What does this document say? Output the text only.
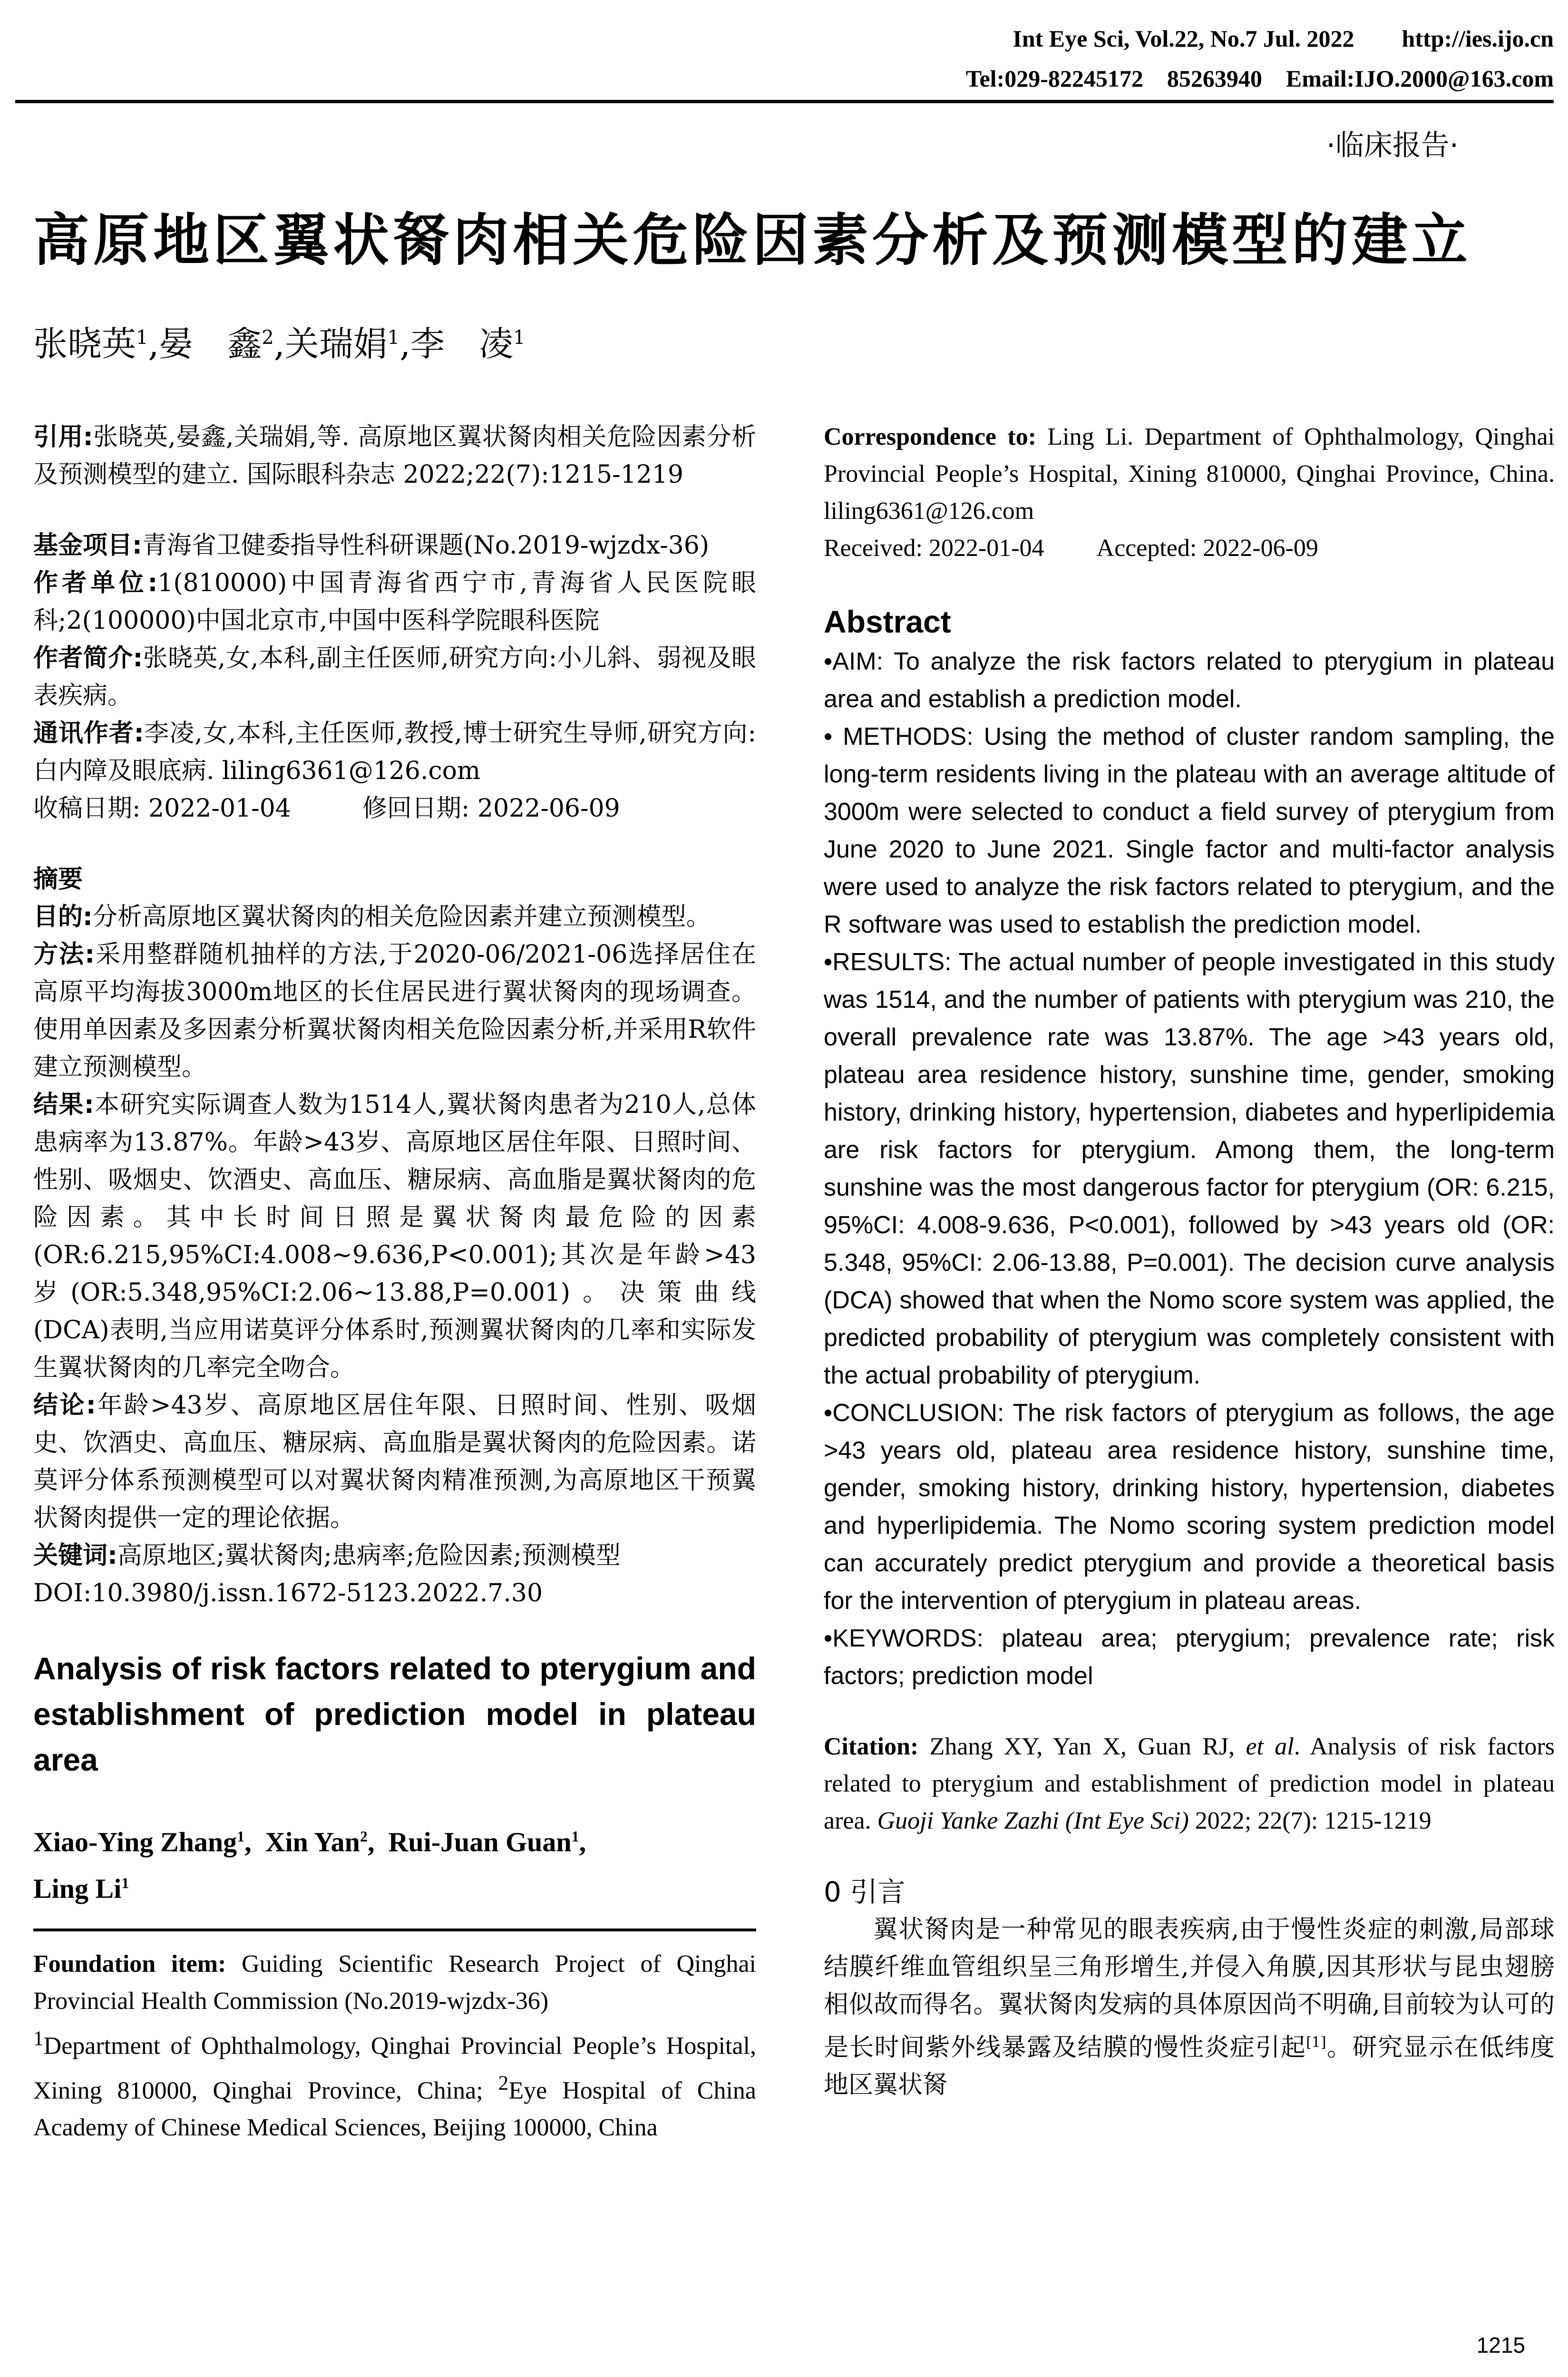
Int Eye Sci, Vol.22, No.7 Jul. 2022        http://ies.ijo.cn
Tel:029-82245172    85263940    Email:IJO.2000@163.com
·临床报告·
高原地区翼状胬肉相关危险因素分析及预测模型的建立
张晓英$^1$,晏　鑫$^2$,关瑞娟$^1$,李　凌$^1$

引用:张晓英,晏鑫,关瑞娟,等. 高原地区翼状胬肉相关危险因素分析及预测模型的建立. 国际眼科杂志 2022;22(7):1215-1219

基金项目:青海省卫健委指导性科研课题(No.2019-wjzdx-36)

作者单位:1(810000)中国青海省西宁市,青海省人民医院眼科;2(100000)中国北京市,中国中医科学院眼科医院

作者简介:张晓英,女,本科,副主任医师,研究方向:小儿斜、弱视及眼表疾病。

通讯作者:李凌,女,本科,主任医师,教授,博士研究生导师,研究方向:白内障及眼底病. liling6361@126.com

收稿日期: 2022-01-04	修回日期: 2022-06-09

摘要

目的:分析高原地区翼状胬肉的相关危险因素并建立预测模型。

方法:采用整群随机抽样的方法,于2020-06/2021-06选择居住在高原平均海拔3000m地区的长住居民进行翼状胬肉的现场调查。使用单因素及多因素分析翼状胬肉相关危险因素分析,并采用R软件建立预测模型。

结果:本研究实际调查人数为1514人,翼状胬肉患者为210人,总体患病率为13.87%。年龄>43岁、高原地区居住年限、日照时间、性别、吸烟史、饮酒史、高血压、糖尿病、高血脂是翼状胬肉的危险因素。其中长时间日照是翼状胬肉最危险的因素(OR:6.215,95%CI:4.008~9.636,P<0.001);其次是年龄>43岁(OR:5.348,95%CI:2.06~13.88,P=0.001)。决策曲线(DCA)表明,当应用诺莫评分体系时,预测翼状胬肉的几率和实际发生翼状胬肉的几率完全吻合。

结论:年龄>43岁、高原地区居住年限、日照时间、性别、吸烟史、饮酒史、高血压、糖尿病、高血脂是翼状胬肉的危险因素。诺莫评分体系预测模型可以对翼状胬肉精准预测,为高原地区干预翼状胬肉提供一定的理论依据。

关键词:高原地区;翼状胬肉;患病率;危险因素;预测模型

DOI:10.3980/j.issn.1672-5123.2022.7.30

Analysis of risk factors related to pterygium and establishment of prediction model in plateau area

Xiao-Ying Zhang$^1$,  Xin Yan$^2$,  Rui-Juan Guan$^1$,
Ling Li$^1$

Foundation item: Guiding Scientific Research Project of Qinghai Provincial Health Commission (No.2019-wjzdx-36)

$^1$Department of Ophthalmology, Qinghai Provincial People’s Hospital, Xining 810000, Qinghai Province, China; $^2$Eye Hospital of China Academy of Chinese Medical Sciences, Beijing 100000, China

Correspondence to: Ling Li. Department of Ophthalmology, Qinghai Provincial People’s Hospital, Xining 810000, Qinghai Province, China. liling6361@126.com

Received: 2022-01-04 Accepted: 2022-06-09

Abstract

•AIM: To analyze the risk factors related to pterygium in plateau area and establish a prediction model.

• METHODS: Using the method of cluster random sampling, the long-term residents living in the plateau with an average altitude of 3000m were selected to conduct a field survey of pterygium from June 2020 to June 2021. Single factor and multi-factor analysis were used to analyze the risk factors related to pterygium, and the R software was used to establish the prediction model.

•RESULTS: The actual number of people investigated in this study was 1514, and the number of patients with pterygium was 210, the overall prevalence rate was 13.87%. The age >43 years old, plateau area residence history, sunshine time, gender, smoking history, drinking history, hypertension, diabetes and hyperlipidemia are risk factors for pterygium. Among them, the long-term sunshine was the most dangerous factor for pterygium (OR: 6.215, 95%CI: 4.008-9.636, P<0.001), followed by >43 years old (OR: 5.348, 95%CI: 2.06-13.88, P=0.001). The decision curve analysis (DCA) showed that when the Nomo score system was applied, the predicted probability of pterygium was completely consistent with the actual probability of pterygium.

•CONCLUSION: The risk factors of pterygium as follows, the age >43 years old, plateau area residence history, sunshine time, gender, smoking history, drinking history, hypertension, diabetes and hyperlipidemia. The Nomo scoring system prediction model can accurately predict pterygium and provide a theoretical basis for the intervention of pterygium in plateau areas.

•KEYWORDS: plateau area; pterygium; prevalence rate; risk factors; prediction model

Citation: Zhang XY, Yan X, Guan RJ, et al. Analysis of risk factors related to pterygium and establishment of prediction model in plateau area. Guoji Yanke Zazhi (Int Eye Sci) 2022; 22(7): 1215-1219

0 引言

翼状胬肉是一种常见的眼表疾病,由于慢性炎症的刺激,局部球结膜纤维血管组织呈三角形增生,并侵入角膜,因其形状与昆虫翅膀相似故而得名。翼状胬肉发病的具体原因尚不明确,目前较为认可的是长时间紫外线暴露及结膜的慢性炎症引起[1]。研究显示在低纬度地区翼状胬

1215
